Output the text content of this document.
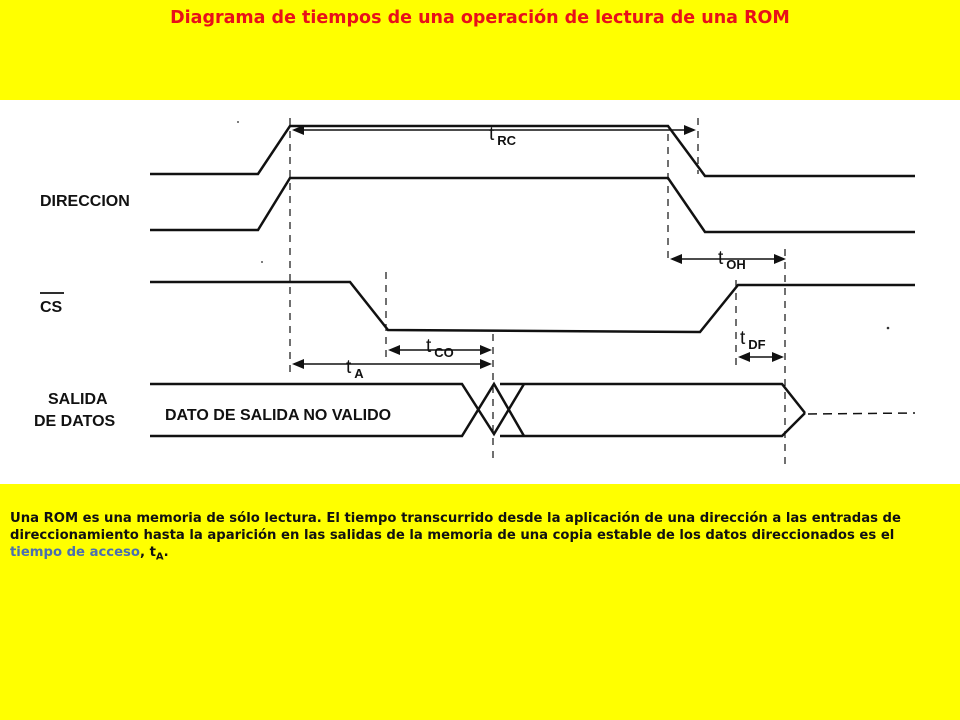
Diagrama de tiempos de una operación de lectura de una ROM
t $_{RC}$
t $_{OH}$
t $_{CO}$
t $_{DF}$
t $_A$
DIRECCION
CS
SALIDA
DE DATOS	DATO DE SALIDA NO VALIDO
Una ROM es una memoria de sólo lectura. El tiempo transcurrido desde la aplicación de una dirección a las entradas de direccionamiento hasta la aparición en las salidas de la memoria de una copia estable de los datos direccionados es el tiempo de acceso, $t_A$.
